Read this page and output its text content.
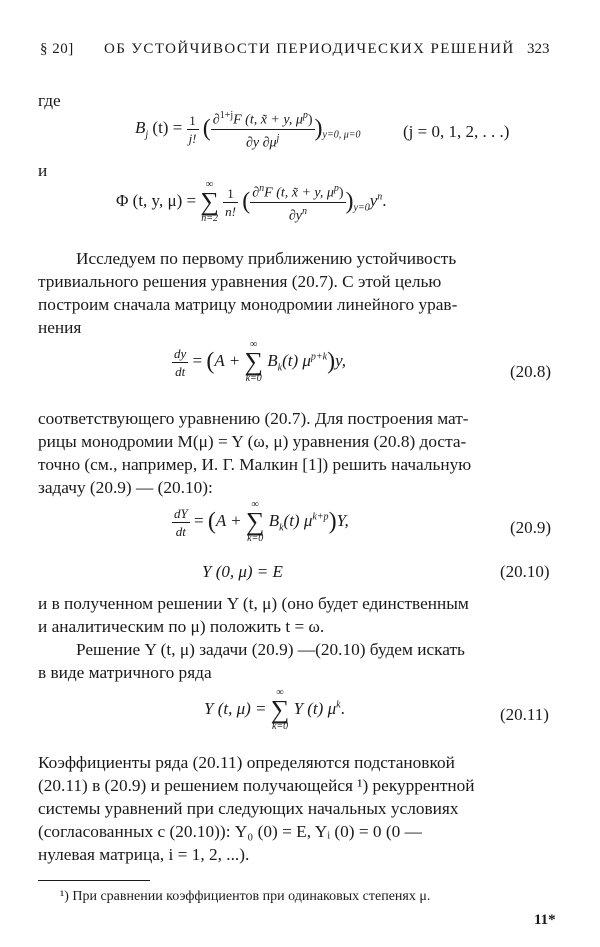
§ 20] ОБ УСТОЙЧИВОСТИ ПЕРИОДИЧЕСКИХ РЕШЕНИЙ 323
где
$B_j$ $(t) = \frac{1}{j!}$ ( $\frac{\partial^{1+j}F (t, x̃ + y, \mu^p)}{\partial y \partial\mu^j} )_{y=0, \mu=0}$	(j = 0, 1, 2, . . .)
и
Φ (t, y, μ) =
∞
∑
n=2
$\frac{1}{n!}$ ( $\frac{\partial^nF (t, x̃ + y, \mu^p)}{\partial y^n} )_{y=0}y^n$.
Исследуем по первому приближению устойчивость
тривиального решения уравнения (20.7). С этой целью
построим сначала матрицу монодромии линейного урав-
нения
$\frac{dy}{dt} = (A$ +
∞
∑
k=0
$B_k(t)$ $\mu^{p+k})y$,
(20.8)
соответствующего уравнению (20.7). Для построения мат-
рицы монодромии M(μ) = Y (ω, μ) уравнения (20.8) доста-
точно (см., например, И. Г. Малкин [1]) решить начальную
задачу (20.9) — (20.10):
$\frac{dY}{dt} = (A$ +
∞
∑
k=0
$B_k(t)$ $\mu^{k+p})Y$,	(20.9)
Y (0, μ) = E	(20.10)
и в полученном решении Y (t, μ) (оно будет единственным
и аналитическим по μ) положить t = ω.
Решение Y (t, μ) задачи (20.9) —(20.10) будем искать
в виде матричного ряда
Y (t, μ) =
∞
∑
k=0
Y (t) $\mu^k$.	(20.11)
Коэффициенты ряда (20.11) определяются подстановкой
(20.11) в (20.9) и решением получающейся ¹) рекуррентной
системы уравнений при следующих начальных условиях
(согласованных с (20.10)): Y₀ (0) = E, Yᵢ (0) = 0 (0 —
нулевая матрица, i = 1, 2, ...).
¹) При сравнении коэффициентов при одинаковых степенях μ.
11*
